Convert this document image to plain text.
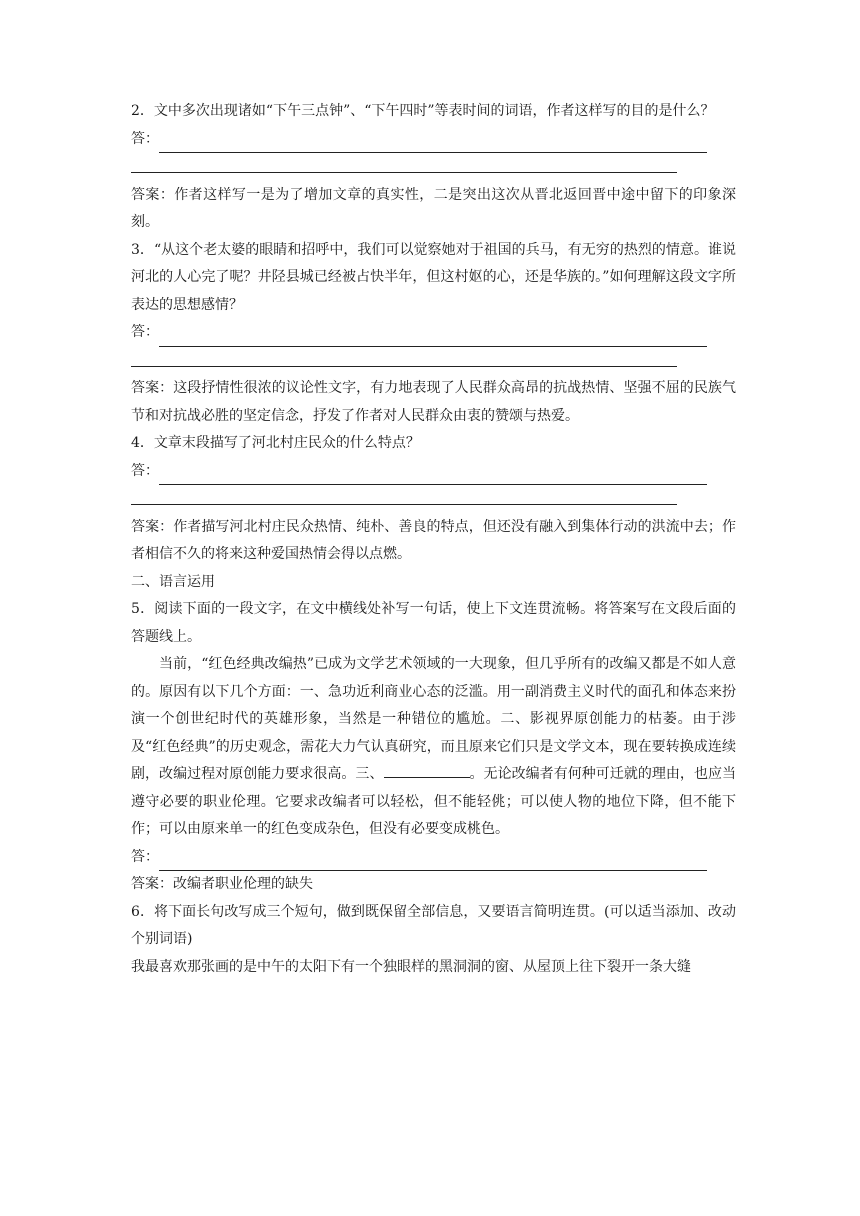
2．文中多次出现诸如“下午三点钟”、“下午四时”等表时间的词语，作者这样写的目的是什么？
答：
答案：作者这样写一是为了增加文章的真实性，二是突出这次从晋北返回晋中途中留下的印象深刻。
3．“从这个老太婆的眼睛和招呼中，我们可以觉察她对于祖国的兵马，有无穷的热烈的情意。谁说河北的人心完了呢？井陉县城已经被占快半年，但这村妪的心，还是华族的。”如何理解这段文字所表达的思想感情？
答：
答案：这段抒情性很浓的议论性文字，有力地表现了人民群众高昂的抗战热情、坚强不屈的民族气节和对抗战必胜的坚定信念，抒发了作者对人民群众由衷的赞颂与热爱。
4．文章末段描写了河北村庄民众的什么特点？
答：
答案：作者描写河北村庄民众热情、纯朴、善良的特点，但还没有融入到集体行动的洪流中去；作者相信不久的将来这种爱国热情会得以点燃。
二、语言运用
5．阅读下面的一段文字，在文中横线处补写一句话，使上下文连贯流畅。将答案写在文段后面的答题线上。
当前，“红色经典改编热”已成为文学艺术领域的一大现象，但几乎所有的改编又都是不如人意的。原因有以下几个方面：一、急功近利商业心态的泛滥。用一副消费主义时代的面孔和体态来扮演一个创世纪时代的英雄形象，当然是一种错位的尴尬。二、影视界原创能力的枯萎。由于涉及“红色经典”的历史观念，需花大力气认真研究，而且原来它们只是文学文本，现在要转换成连续剧，改编过程对原创能力要求很高。三、	。无论改编者有何种可迁就的理由，也应当遵守必要的职业伦理。它要求改编者可以轻松，但不能轻佻；可以使人物的地位下降，但不能下作；可以由原来单一的红色变成杂色，但没有必要变成桃色。
答：
答案：改编者职业伦理的缺失
6．将下面长句改写成三个短句，做到既保留全部信息，又要语言简明连贯。(可以适当添加、改动个别词语)
我最喜欢那张画的是中午的太阳下有一个独眼样的黑洞洞的窗、从屋顶上往下裂开一条大缝
